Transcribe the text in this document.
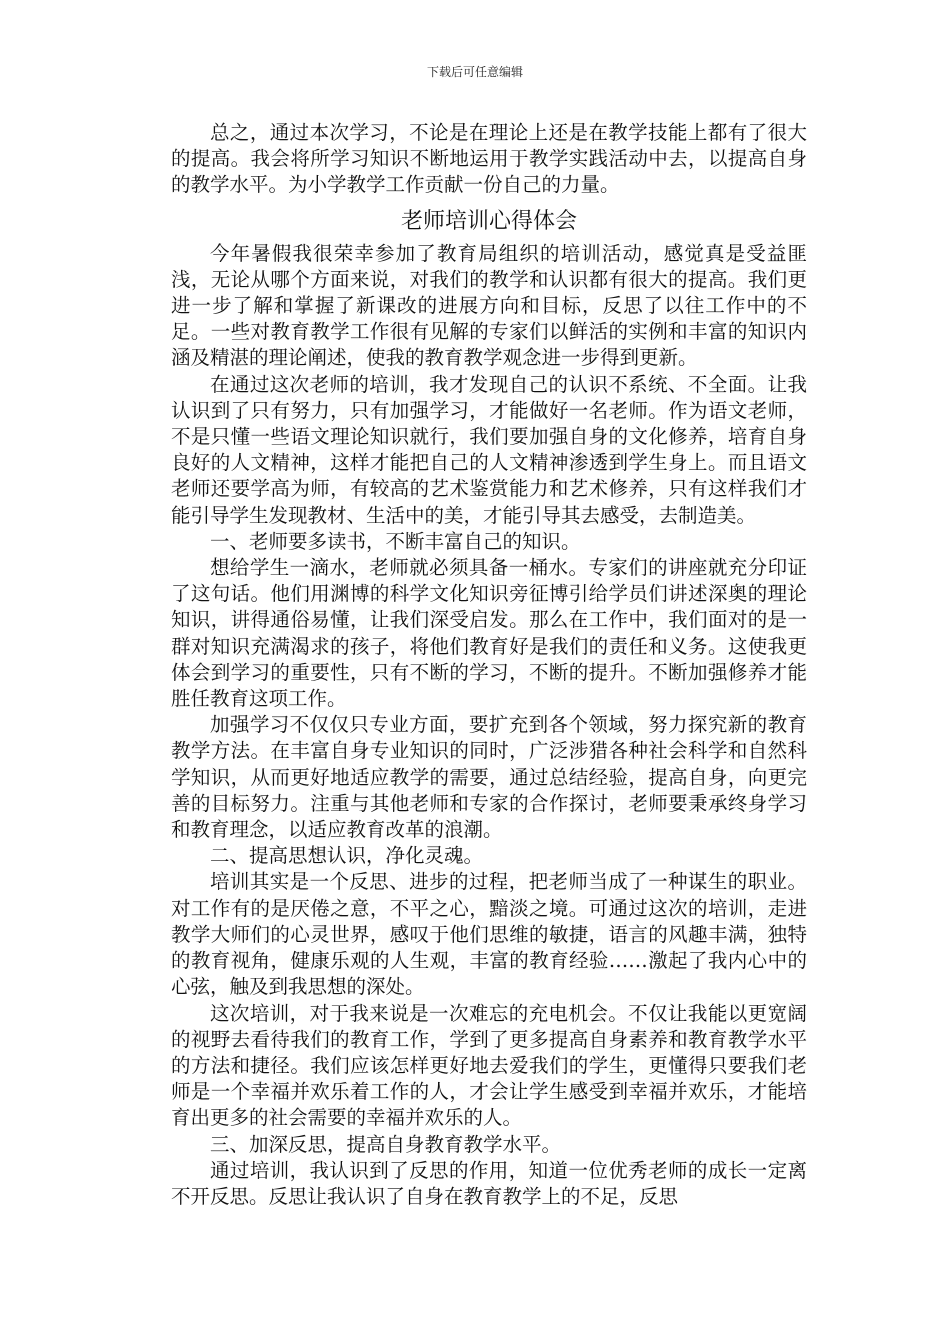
下载后可任意编辑

总之，通过本次学习，不论是在理论上还是在教学技能上都有了很大的提高。我会将所学习知识不断地运用于教学实践活动中去，以提高自身的教学水平。为小学教学工作贡献一份自己的力量。

老师培训心得体会

今年暑假我很荣幸参加了教育局组织的培训活动，感觉真是受益匪浅，无论从哪个方面来说，对我们的教学和认识都有很大的提高。我们更进一步了解和掌握了新课改的进展方向和目标，反思了以往工作中的不足。一些对教育教学工作很有见解的专家们以鲜活的实例和丰富的知识内涵及精湛的理论阐述，使我的教育教学观念进一步得到更新。

在通过这次老师的培训，我才发现自己的认识不系统、不全面。让我认识到了只有努力，只有加强学习，才能做好一名老师。作为语文老师，不是只懂一些语文理论知识就行，我们要加强自身的文化修养，培育自身良好的人文精神，这样才能把自己的人文精神渗透到学生身上。而且语文老师还要学高为师，有较高的艺术鉴赏能力和艺术修养，只有这样我们才能引导学生发现教材、生活中的美，才能引导其去感受，去制造美。

一、老师要多读书，不断丰富自己的知识。

想给学生一滴水，老师就必须具备一桶水。专家们的讲座就充分印证了这句话。他们用渊博的科学文化知识旁征博引给学员们讲述深奥的理论知识，讲得通俗易懂，让我们深受启发。那么在工作中，我们面对的是一群对知识充满渴求的孩子，将他们教育好是我们的责任和义务。这使我更体会到学习的重要性，只有不断的学习，不断的提升。不断加强修养才能胜任教育这项工作。

加强学习不仅仅只专业方面，要扩充到各个领域，努力探究新的教育教学方法。在丰富自身专业知识的同时，广泛涉猎各种社会科学和自然科学知识，从而更好地适应教学的需要，通过总结经验，提高自身，向更完善的目标努力。注重与其他老师和专家的合作探讨，老师要秉承终身学习和教育理念，以适应教育改革的浪潮。

二、提高思想认识，净化灵魂。

培训其实是一个反思、进步的过程，把老师当成了一种谋生的职业。对工作有的是厌倦之意，不平之心，黯淡之境。可通过这次的培训，走进教学大师们的心灵世界，感叹于他们思维的敏捷，语言的风趣丰满，独特的教育视角，健康乐观的人生观，丰富的教育经验……激起了我内心中的心弦，触及到我思想的深处。

这次培训，对于我来说是一次难忘的充电机会。不仅让我能以更宽阔的视野去看待我们的教育工作，学到了更多提高自身素养和教育教学水平的方法和捷径。我们应该怎样更好地去爱我们的学生，更懂得只要我们老师是一个幸福并欢乐着工作的人，才会让学生感受到幸福并欢乐，才能培育出更多的社会需要的幸福并欢乐的人。

三、加深反思，提高自身教育教学水平。

通过培训，我认识到了反思的作用，知道一位优秀老师的成长一定离不开反思。反思让我认识了自身在教育教学上的不足，反思
